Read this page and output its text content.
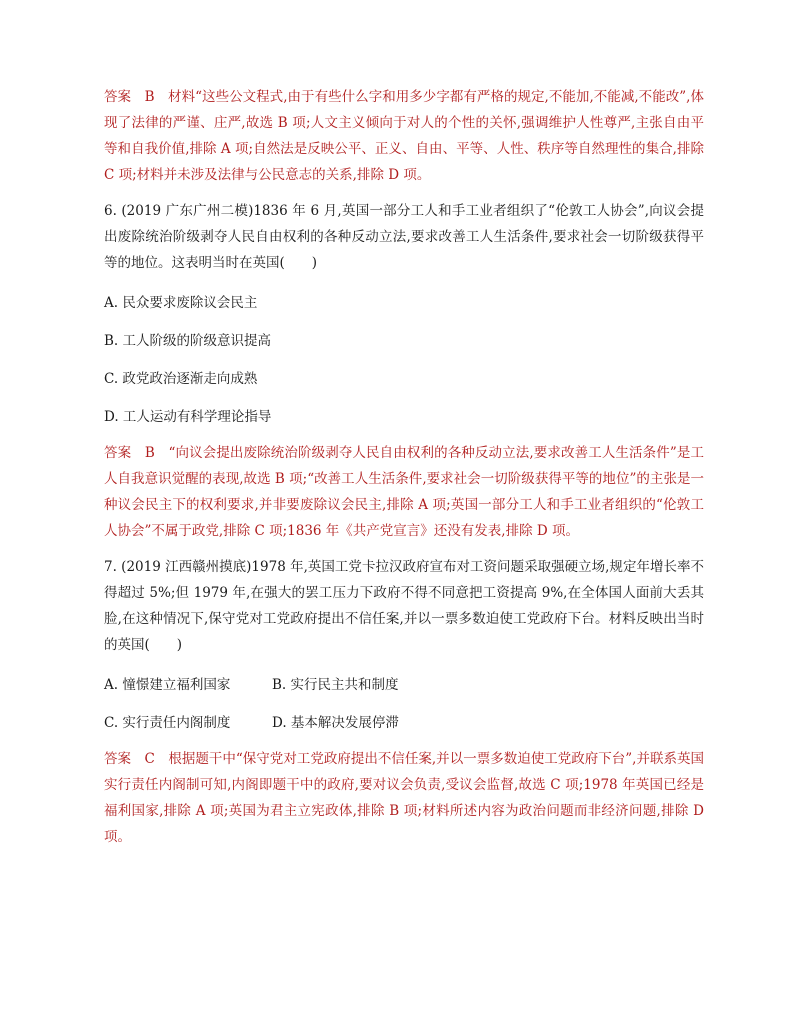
答案　B　材料“这些公文程式,由于有些什么字和用多少字都有严格的规定,不能加,不能减,不能改”,体现了法律的严谨、庄严,故选 B 项;人文主义倾向于对人的个性的关怀,强调维护人性尊严,主张自由平等和自我价值,排除 A 项;自然法是反映公平、正义、自由、平等、人性、秩序等自然理性的集合,排除 C 项;材料并未涉及法律与公民意志的关系,排除 D 项。

6. (2019 广东广州二模)1836 年 6 月,英国一部分工人和手工业者组织了“伦敦工人协会”,向议会提出废除统治阶级剥夺人民自由权利的各种反动立法,要求改善工人生活条件,要求社会一切阶级获得平等的地位。这表明当时在英国(　　)

A. 民众要求废除议会民主

B. 工人阶级的阶级意识提高

C. 政党政治逐渐走向成熟

D. 工人运动有科学理论指导

答案　B　“向议会提出废除统治阶级剥夺人民自由权利的各种反动立法,要求改善工人生活条件”是工人自我意识觉醒的表现,故选 B 项;“改善工人生活条件,要求社会一切阶级获得平等的地位”的主张是一种议会民主下的权利要求,并非要废除议会民主,排除 A 项;英国一部分工人和手工业者组织的“伦敦工人协会”不属于政党,排除 C 项;1836 年《共产党宣言》还没有发表,排除 D 项。

7. (2019 江西赣州摸底)1978 年,英国工党卡拉汉政府宣布对工资问题采取强硬立场,规定年增长率不得超过 5%;但 1979 年,在强大的罢工压力下政府不得不同意把工资提高 9%,在全体国人面前大丢其脸,在这种情况下,保守党对工党政府提出不信任案,并以一票多数迫使工党政府下台。材料反映出当时的英国(　　)

A. 憧憬建立福利国家	B. 实行民主共和制度
C. 实行责任内阁制度	D. 基本解决发展停滞

答案　C　根据题干中“保守党对工党政府提出不信任案,并以一票多数迫使工党政府下台”,并联系英国实行责任内阁制可知,内阁即题干中的政府,要对议会负责,受议会监督,故选 C 项;1978 年英国已经是福利国家,排除 A 项;英国为君主立宪政体,排除 B 项;材料所述内容为政治问题而非经济问题,排除 D 项。
